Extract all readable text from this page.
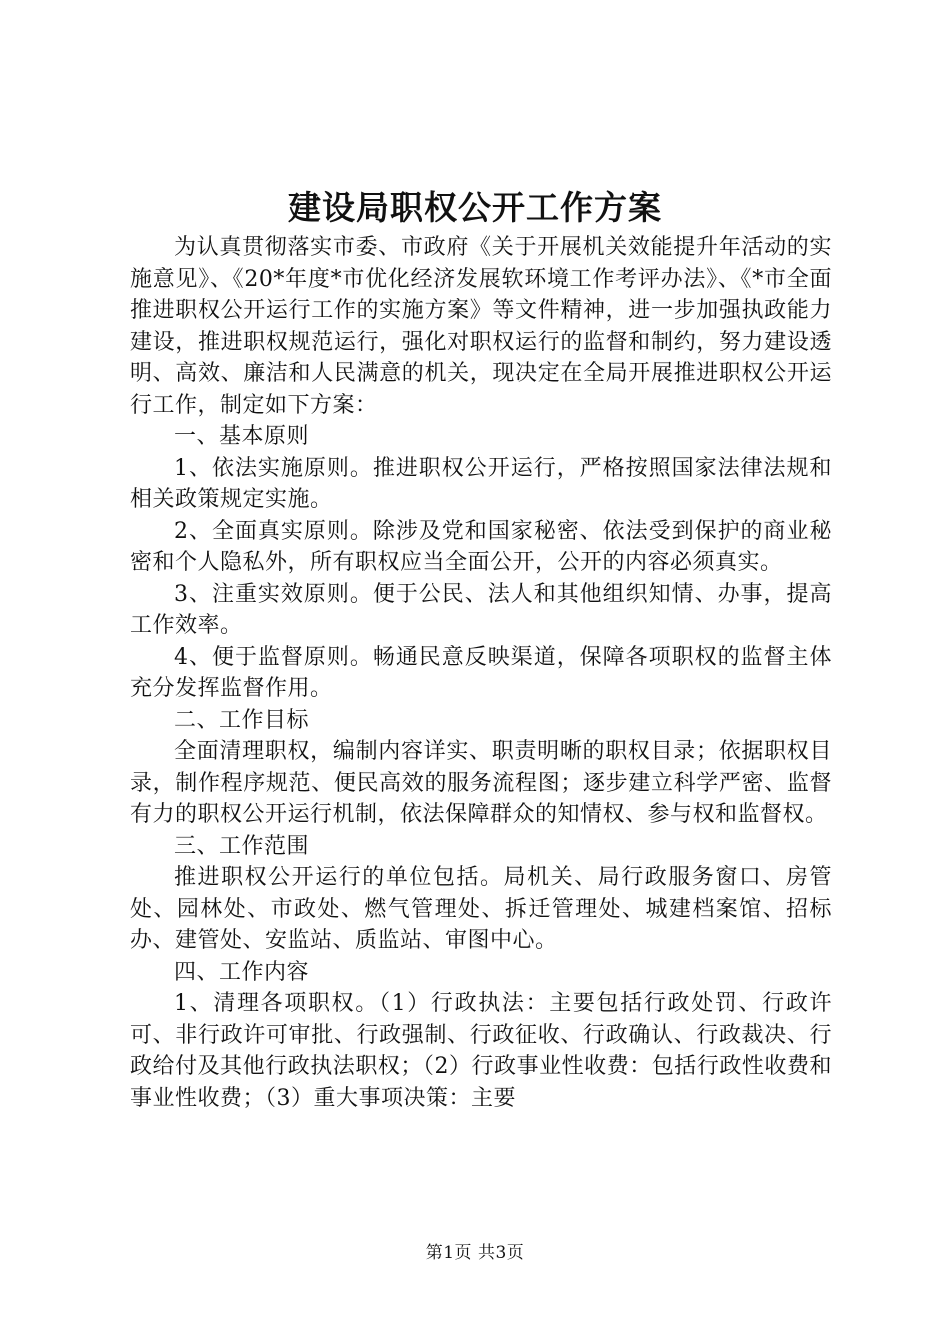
建设局职权公开工作方案

为认真贯彻落实市委、市政府《关于开展机关效能提升年活动的实施意见》、《20*年度*市优化经济发展软环境工作考评办法》、《*市全面推进职权公开运行工作的实施方案》等文件精神，进一步加强执政能力建设，推进职权规范运行，强化对职权运行的监督和制约，努力建设透明、高效、廉洁和人民满意的机关，现决定在全局开展推进职权公开运行工作，制定如下方案：

一、基本原则

1、依法实施原则。推进职权公开运行，严格按照国家法律法规和相关政策规定实施。

2、全面真实原则。除涉及党和国家秘密、依法受到保护的商业秘密和个人隐私外，所有职权应当全面公开，公开的内容必须真实。

3、注重实效原则。便于公民、法人和其他组织知情、办事，提高工作效率。

4、便于监督原则。畅通民意反映渠道，保障各项职权的监督主体充分发挥监督作用。

二、工作目标

全面清理职权，编制内容详实、职责明晰的职权目录；依据职权目录，制作程序规范、便民高效的服务流程图；逐步建立科学严密、监督有力的职权公开运行机制，依法保障群众的知情权、参与权和监督权。

三、工作范围

推进职权公开运行的单位包括。局机关、局行政服务窗口、房管处、园林处、市政处、燃气管理处、拆迁管理处、城建档案馆、招标办、建管处、安监站、质监站、审图中心。

四、工作内容

1、清理各项职权。（1）行政执法：主要包括行政处罚、行政许可、非行政许可审批、行政强制、行政征收、行政确认、行政裁决、行政给付及其他行政执法职权；（2）行政事业性收费：包括行政性收费和事业性收费；（3）重大事项决策：主要

第1页 共3页
